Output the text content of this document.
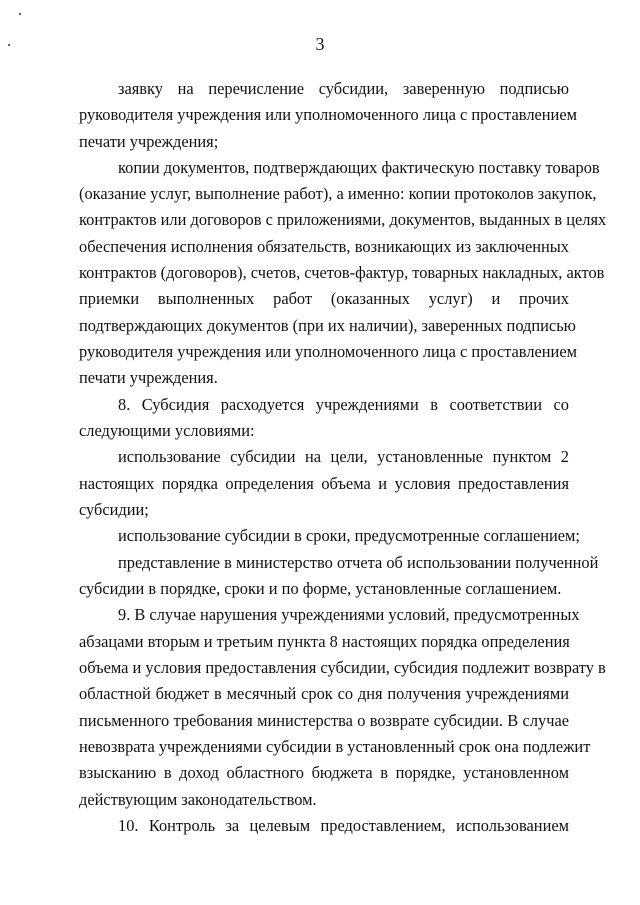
3
заявку на перечисление субсидии, заверенную подписью
руководителя учреждения или уполномоченного лица с проставлением
печати учреждения;
копии документов, подтверждающих фактическую поставку товаров
(оказание услуг, выполнение работ), а именно: копии протоколов закупок,
контрактов или договоров с приложениями, документов, выданных в целях
обеспечения исполнения обязательств, возникающих из заключенных
контрактов (договоров), счетов, счетов-фактур, товарных накладных, актов
приемки выполненных работ (оказанных услуг) и прочих
подтверждающих документов (при их наличии), заверенных подписью
руководителя учреждения или уполномоченного лица с проставлением
печати учреждения.
8. Субсидия расходуется учреждениями в соответствии со
следующими условиями:
использование субсидии на цели, установленные пунктом 2
настоящих порядка определения объема и условия предоставления
субсидии;
использование субсидии в сроки, предусмотренные соглашением;
представление в министерство отчета об использовании полученной
субсидии в порядке, сроки и по форме, установленные соглашением.
9. В случае нарушения учреждениями условий, предусмотренных
абзацами вторым и третьим пункта 8 настоящих порядка определения
объема и условия предоставления субсидии, субсидия подлежит возврату в
областной бюджет в месячный срок со дня получения учреждениями
письменного требования министерства о возврате субсидии. В случае
невозврата учреждениями субсидии в установленный срок она подлежит
взысканию в доход областного бюджета в порядке, установленном
действующим законодательством.
10. Контроль за целевым предоставлением, использованием
